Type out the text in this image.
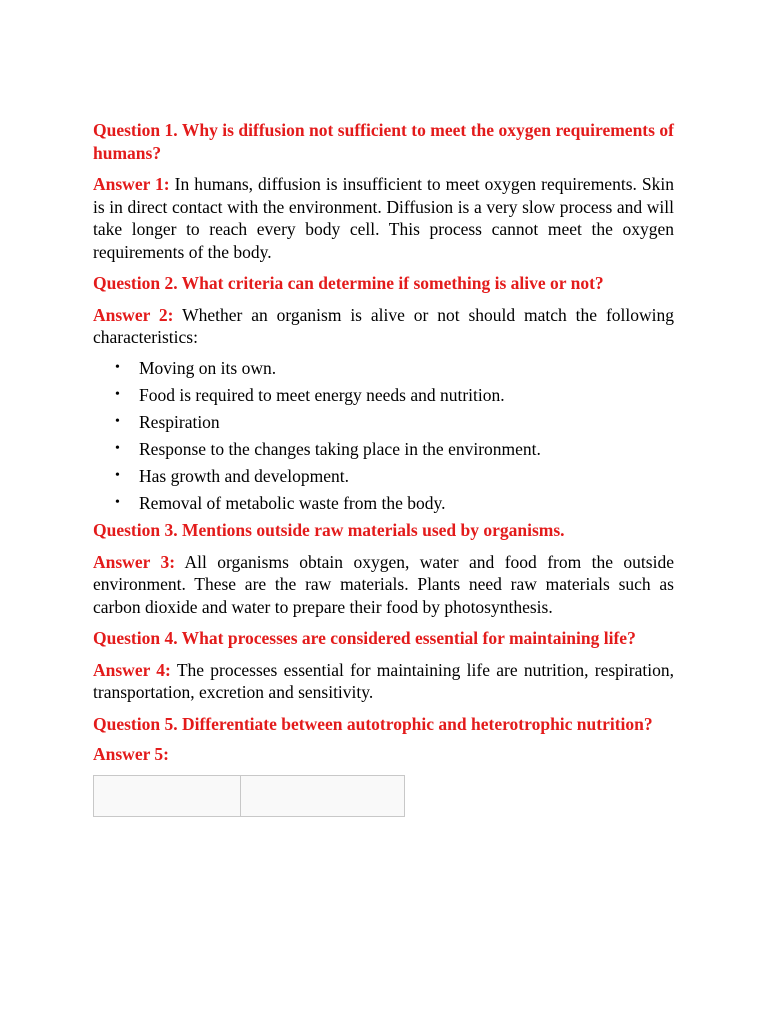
Question 1. Why is diffusion not sufficient to meet the oxygen requirements of humans?

Answer 1: In humans, diffusion is insufficient to meet oxygen requirements. Skin is in direct contact with the environment. Diffusion is a very slow process and will take longer to reach every body cell. This process cannot meet the oxygen requirements of the body.

Question 2. What criteria can determine if something is alive or not?

Answer 2: Whether an organism is alive or not should match the following characteristics:

• Moving on its own.
• Food is required to meet energy needs and nutrition.
• Respiration
• Response to the changes taking place in the environment.
• Has growth and development.
• Removal of metabolic waste from the body.

Question 3. Mentions outside raw materials used by organisms.

Answer 3: All organisms obtain oxygen, water and food from the outside environment. These are the raw materials. Plants need raw materials such as carbon dioxide and water to prepare their food by photosynthesis.

Question 4. What processes are considered essential for maintaining life?

Answer 4: The processes essential for maintaining life are nutrition, respiration, transportation, excretion and sensitivity.

Question 5. Differentiate between autotrophic and heterotrophic nutrition?

Answer 5:
